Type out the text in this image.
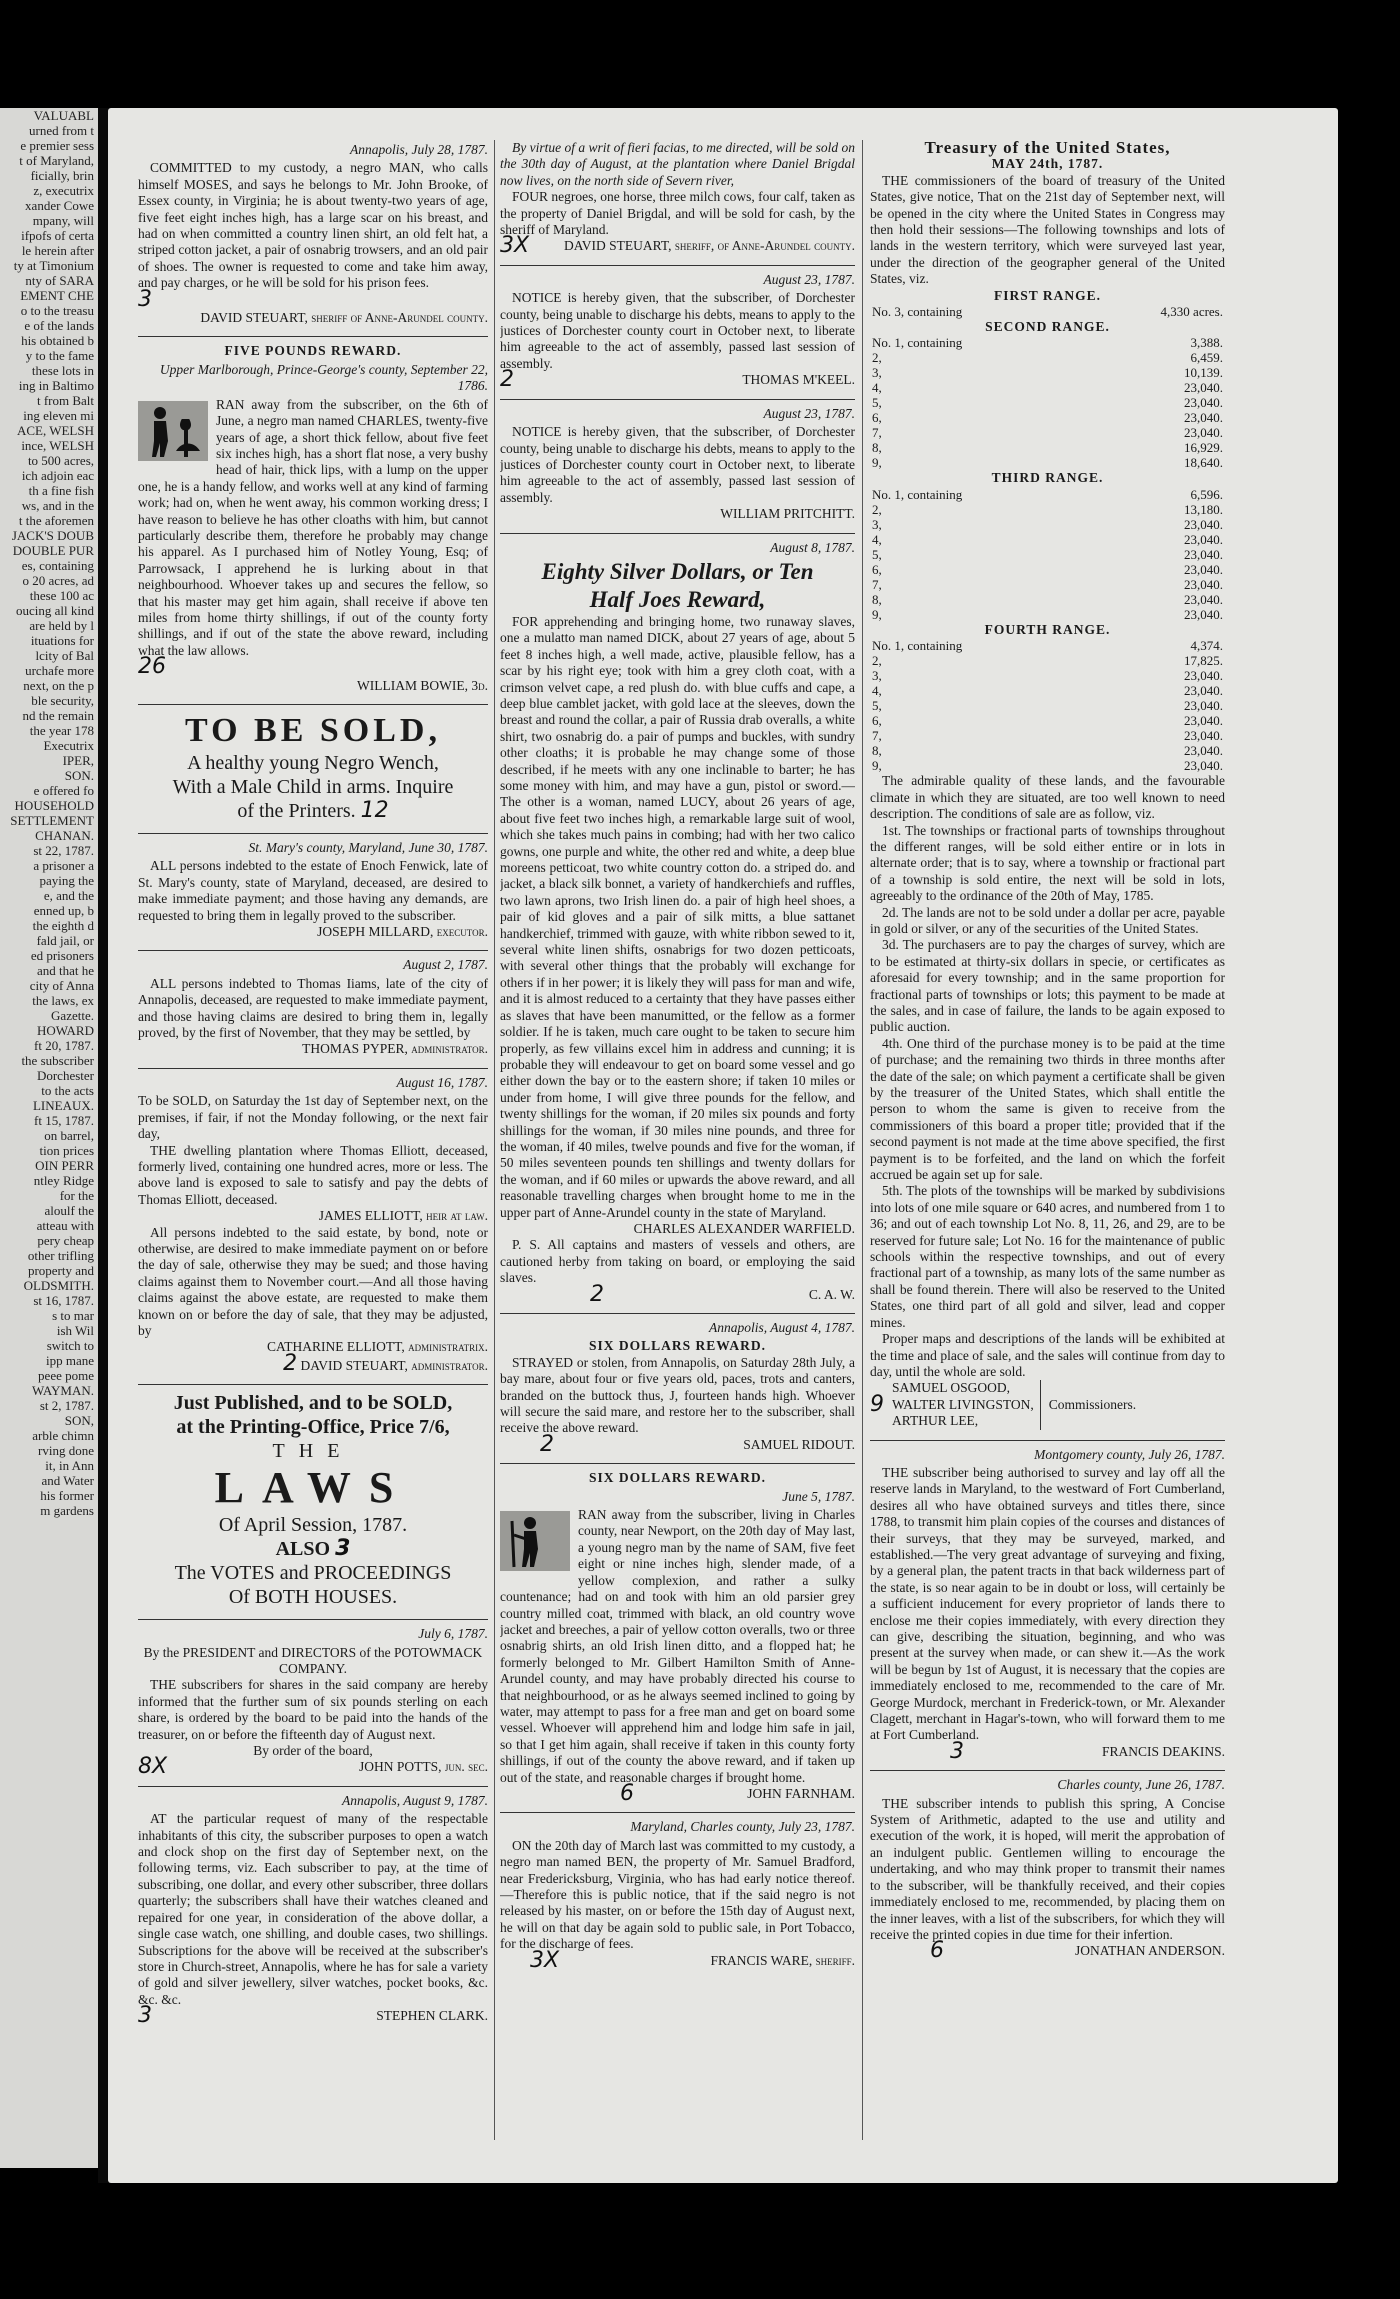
VALUABL
urned from t
e premier sess
t of Maryland,
ficially, brin
z, executrix
xander Cowe
mpany, will
ifpofs of certa
le herein after
ty at Timonium
nty of SARA
EMENT CHE
o to the treasu
e of the lands
his obtained b
y to the fame
these lots in
ing in Baltimo
t from Balt
ing eleven mi
ACE, WELSH
ince, WELSH
to 500 acres,
ich adjoin eac
th a fine fish
ws, and in the
t the aforemen
JACK'S DOUB
DOUBLE PUR
es, containing
o 20 acres, ad
these 100 ac
oucing all kind
are held by l
ituations for
lcity of Bal
urchafe more
next, on the p
ble security,
nd the remain
the year 178
Executrix
IPER,
SON.
e offered fo
HOUSEHOLD
SETTLEMENT
CHANAN.
st 22, 1787.
a prisoner a
paying the
e, and the
enned up, b
the eighth d
fald jail, or
ed prisoners
and that he
city of Anna
the laws, ex
Gazette.
HOWARD
ft 20, 1787.
the subscriber
Dorchester
to the acts
LINEAUX.
ft 15, 1787.
on barrel,
tion prices
OIN PERR
ntley Ridge
for the
aloulf the
atteau with
pery cheap
other trifling
property and
OLDSMITH.
st 16, 1787.
s to mar
ish Wil
switch to
ipp mane
peee pome
WAYMAN.
st 2, 1787.
SON,
arble chimn
rving done
it, in Ann
and Water
his former
m gardens
Annapolis, July 28, 1787.
COMMITTED to my custody, a negro MAN, who calls himself MOSES, and says he belongs to Mr. John Brooke, of Essex county, in Virginia; he is about twenty-two years of age, five feet eight inches high, has a large scar on his breast, and had on when committed a country linen shirt, an old felt hat, a striped cotton jacket, a pair of osnabrig trowsers, and an old pair of shoes. The owner is requested to come and take him away, and pay charges, or he will be sold for his prison fees.
3
DAVID STEUART, sheriff of Anne-Arundel county.
FIVE POUNDS REWARD.
Upper Marlborough, Prince-George's county, September 22, 1786.
RAN away from the subscriber, on the 6th of June, a negro man named CHARLES, twenty-five years of age, a short thick fellow, about five feet six inches high, has a short flat nose, a very bushy head of hair, thick lips, with a lump on the upper one, he is a handy fellow, and works well at any kind of farming work; had on, when he went away, his common working dress; I have reason to believe he has other cloaths with him, but cannot particularly describe them, therefore he probably may change his apparel. As I purchased him of Notley Young, Esq; of Parrowsack, I apprehend he is lurking about in that neighbourhood. Whoever takes up and secures the fellow, so that his master may get him again, shall receive if above ten miles from home thirty shillings, if out of the county forty shillings, and if out of the state the above reward, including what the law allows.
26
WILLIAM BOWIE, 3d.
TO BE SOLD,
A healthy young Negro Wench,
With a Male Child in arms. Inquire
of the Printers. 12
St. Mary's county, Maryland, June 30, 1787.
ALL persons indebted to the estate of Enoch Fenwick, late of St. Mary's county, state of Maryland, deceased, are desired to make immediate payment; and those having any demands, are requested to bring them in legally proved to the subscriber.
JOSEPH MILLARD, executor.
August 2, 1787.
ALL persons indebted to Thomas Iiams, late of the city of Annapolis, deceased, are requested to make immediate payment, and those having claims are desired to bring them in, legally proved, by the first of November, that they may be settled, by
THOMAS PYPER, administrator.
August 16, 1787.
To be SOLD, on Saturday the 1st day of September next, on the premises, if fair, if not the Monday following, or the next fair day,
THE dwelling plantation where Thomas Elliott, deceased, formerly lived, containing one hundred acres, more or less. The above land is exposed to sale to satisfy and pay the debts of Thomas Elliott, deceased.
JAMES ELLIOTT, heir at law.
All persons indebted to the said estate, by bond, note or otherwise, are desired to make immediate payment on or before the day of sale, otherwise they may be sued; and those having claims against them to November court.—And all those having claims against the above estate, are requested to make them known on or before the day of sale, that they may be adjusted, by
CATHARINE ELLIOTT, administratrix.
2 DAVID STEUART, administrator.
Just Published, and to be SOLD,
at the Printing-Office, Price 7/6,
THE
LAWS
Of April Session, 1787.
ALSO 3
The VOTES and PROCEEDINGS
Of BOTH HOUSES.
July 6, 1787.
By the PRESIDENT and DIRECTORS of the POTOWMACK COMPANY.
THE subscribers for shares in the said company are hereby informed that the further sum of six pounds sterling on each share, is ordered by the board to be paid into the hands of the treasurer, on or before the fifteenth day of August next.
By order of the board,
8X	JOHN POTTS, jun. sec.
Annapolis, August 9, 1787.
AT the particular request of many of the respectable inhabitants of this city, the subscriber purposes to open a watch and clock shop on the first day of September next, on the following terms, viz. Each subscriber to pay, at the time of subscribing, one dollar, and every other subscriber, three dollars quarterly; the subscribers shall have their watches cleaned and repaired for one year, in consideration of the above dollar, a single case watch, one shilling, and double cases, two shillings. Subscriptions for the above will be received at the subscriber's store in Church-street, Annapolis, where he has for sale a variety of gold and silver jewellery, silver watches, pocket books, &c. &c. &c.
3	STEPHEN CLARK.
By virtue of a writ of fieri facias, to me directed, will be sold on the 30th day of August, at the plantation where Daniel Brigdal now lives, on the north side of Severn river,
FOUR negroes, one horse, three milch cows, four calf, taken as the property of Daniel Brigdal, and will be sold for cash, by the sheriff of Maryland.
3X	DAVID STEUART, sheriff, of Anne-Arundel county.
August 23, 1787.
NOTICE is hereby given, that the subscriber, of Dorchester county, being unable to discharge his debts, means to apply to the justices of Dorchester county court in October next, to liberate him agreeable to the act of assembly, passed last session of assembly.
2	THOMAS M'KEEL.
August 23, 1787.
NOTICE is hereby given, that the subscriber, of Dorchester county, being unable to discharge his debts, means to apply to the justices of Dorchester county court in October next, to liberate him agreeable to the act of assembly, passed last session of assembly.
WILLIAM PRITCHITT.
August 8, 1787.
Eighty Silver Dollars, or Ten
Half Joes Reward,
FOR apprehending and bringing home, two runaway slaves, one a mulatto man named DICK, about 27 years of age, about 5 feet 8 inches high, a well made, active, plausible fellow, has a scar by his right eye; took with him a grey cloth coat, with a crimson velvet cape, a red plush do. with blue cuffs and cape, a deep blue camblet jacket, with gold lace at the sleeves, down the breast and round the collar, a pair of Russia drab overalls, a white shirt, two osnabrig do. a pair of pumps and buckles, with sundry other cloaths; it is probable he may change some of those described, if he meets with any one inclinable to barter; he has some money with him, and may have a gun, pistol or sword.—The other is a woman, named LUCY, about 26 years of age, about five feet two inches high, a remarkable large suit of wool, which she takes much pains in combing; had with her two calico gowns, one purple and white, the other red and white, a deep blue moreens petticoat, two white country cotton do. a striped do. and jacket, a black silk bonnet, a variety of handkerchiefs and ruffles, two lawn aprons, two Irish linen do. a pair of high heel shoes, a pair of kid gloves and a pair of silk mitts, a blue sattanet handkerchief, trimmed with gauze, with white ribbon sewed to it, several white linen shifts, osnabrigs for two dozen petticoats, with several other things that the probably will exchange for others if in her power; it is likely they will pass for man and wife, and it is almost reduced to a certainty that they have passes either as slaves that have been manumitted, or the fellow as a former soldier. If he is taken, much care ought to be taken to secure him properly, as few villains excel him in address and cunning; it is probable they will endeavour to get on board some vessel and go either down the bay or to the eastern shore; if taken 10 miles or under from home, I will give three pounds for the fellow, and twenty shillings for the woman, if 20 miles six pounds and forty shillings for the woman, if 30 miles nine pounds, and three for the woman, if 40 miles, twelve pounds and five for the woman, if 50 miles seventeen pounds ten shillings and twenty dollars for the woman, and if 60 miles or upwards the above reward, and all reasonable travelling charges when brought home to me in the upper part of Anne-Arundel county in the state of Maryland.
CHARLES ALEXANDER WARFIELD.
P. S. All captains and masters of vessels and others, are cautioned herby from taking on board, or employing the said slaves.
2	C. A. W.
Annapolis, August 4, 1787.
SIX DOLLARS REWARD.
STRAYED or stolen, from Annapolis, on Saturday 28th July, a bay mare, about four or five years old, paces, trots and canters, branded on the buttock thus, J, fourteen hands high. Whoever will secure the said mare, and restore her to the subscriber, shall receive the above reward.
2	SAMUEL RIDOUT.
SIX DOLLARS REWARD.
June 5, 1787.
RAN away from the subscriber, living in Charles county, near Newport, on the 20th day of May last, a young negro man by the name of SAM, five feet eight or nine inches high, slender made, of a yellow complexion, and rather a sulky countenance; had on and took with him an old parsier grey country milled coat, trimmed with black, an old country wove jacket and breeches, a pair of yellow cotton overalls, two or three osnabrig shirts, an old Irish linen ditto, and a flopped hat; he formerly belonged to Mr. Gilbert Hamilton Smith of Anne-Arundel county, and may have probably directed his course to that neighbourhood, or as he always seemed inclined to going by water, may attempt to pass for a free man and get on board some vessel. Whoever will apprehend him and lodge him safe in jail, so that I get him again, shall receive if taken in this county forty shillings, if out of the county the above reward, and if taken up out of the state, and reasonable charges if brought home.
6	JOHN FARNHAM.
Maryland, Charles county, July 23, 1787.
ON the 20th day of March last was committed to my custody, a negro man named BEN, the property of Mr. Samuel Bradford, near Fredericksburg, Virginia, who has had early notice thereof.—Therefore this is public notice, that if the said negro is not released by his master, on or before the 15th day of August next, he will on that day be again sold to public sale, in Port Tobacco, for the discharge of fees.
3X	FRANCIS WARE, sheriff.
Treasury of the United States,
MAY 24th, 1787.
THE commissioners of the board of treasury of the United States, give notice, That on the 21st day of September next, will be opened in the city where the United States in Congress may then hold their sessions—The following townships and lots of lands in the western territory, which were surveyed last year, under the direction of the geographer general of the United States, viz.
FIRST RANGE.
No. 3, containing	4,330 acres.
SECOND RANGE.
No. 1, containing	3,388.
2,	6,459.
3,	10,139.
4,	23,040.
5,	23,040.
6,	23,040.
7,	23,040.
8,	16,929.
9,	18,640.
THIRD RANGE.
No. 1, containing	6,596.
2,	13,180.
3,	23,040.
4,	23,040.
5,	23,040.
6,	23,040.
7,	23,040.
8,	23,040.
9,	23,040.
FOURTH RANGE.
No. 1, containing	4,374.
2,	17,825.
3,	23,040.
4,	23,040.
5,	23,040.
6,	23,040.
7,	23,040.
8,	23,040.
9,	23,040.
The admirable quality of these lands, and the favourable climate in which they are situated, are too well known to need description. The conditions of sale are as follow, viz.
1st. The townships or fractional parts of townships throughout the different ranges, will be sold either entire or in lots in alternate order; that is to say, where a township or fractional part of a township is sold entire, the next will be sold in lots, agreeably to the ordinance of the 20th of May, 1785.
2d. The lands are not to be sold under a dollar per acre, payable in gold or silver, or any of the securities of the United States.
3d. The purchasers are to pay the charges of survey, which are to be estimated at thirty-six dollars in specie, or certificates as aforesaid for every township; and in the same proportion for fractional parts of townships or lots; this payment to be made at the sales, and in case of failure, the lands to be again exposed to public auction.
4th. One third of the purchase money is to be paid at the time of purchase; and the remaining two thirds in three months after the date of the sale; on which payment a certificate shall be given by the treasurer of the United States, which shall entitle the person to whom the same is given to receive from the commissioners of this board a proper title; provided that if the second payment is not made at the time above specified, the first payment is to be forfeited, and the land on which the forfeit accrued be again set up for sale.
5th. The plots of the townships will be marked by subdivisions into lots of one mile square or 640 acres, and numbered from 1 to 36; and out of each township Lot No. 8, 11, 26, and 29, are to be reserved for future sale; Lot No. 16 for the maintenance of public schools within the respective townships, and out of every fractional part of a township, as many lots of the same number as shall be found therein. There will also be reserved to the United States, one third part of all gold and silver, lead and copper mines.
Proper maps and descriptions of the lands will be exhibited at the time and place of sale, and the sales will continue from day to day, until the whole are sold.
9
SAMUEL OSGOOD,
WALTER LIVINGSTON,
ARTHUR LEE,
Commissioners.
Montgomery county, July 26, 1787.
THE subscriber being authorised to survey and lay off all the reserve lands in Maryland, to the westward of Fort Cumberland, desires all who have obtained surveys and titles there, since 1788, to transmit him plain copies of the courses and distances of their surveys, that they may be surveyed, marked, and established.—The very great advantage of surveying and fixing, by a general plan, the patent tracts in that back wilderness part of the state, is so near again to be in doubt or loss, will certainly be a sufficient inducement for every proprietor of lands there to enclose me their copies immediately, with every direction they can give, describing the situation, beginning, and who was present at the survey when made, or can shew it.—As the work will be begun by 1st of August, it is necessary that the copies are immediately enclosed to me, recommended to the care of Mr. George Murdock, merchant in Frederick-town, or Mr. Alexander Clagett, merchant in Hagar's-town, who will forward them to me at Fort Cumberland.
3	FRANCIS DEAKINS.
Charles county, June 26, 1787.
THE subscriber intends to publish this spring, A Concise System of Arithmetic, adapted to the use and utility and execution of the work, it is hoped, will merit the approbation of an indulgent public. Gentlemen willing to encourage the undertaking, and who may think proper to transmit their names to the subscriber, will be thankfully received, and their copies immediately enclosed to me, recommended, by placing them on the inner leaves, with a list of the subscribers, for which they will receive the printed copies in due time for their infertion.
6	JONATHAN ANDERSON.
